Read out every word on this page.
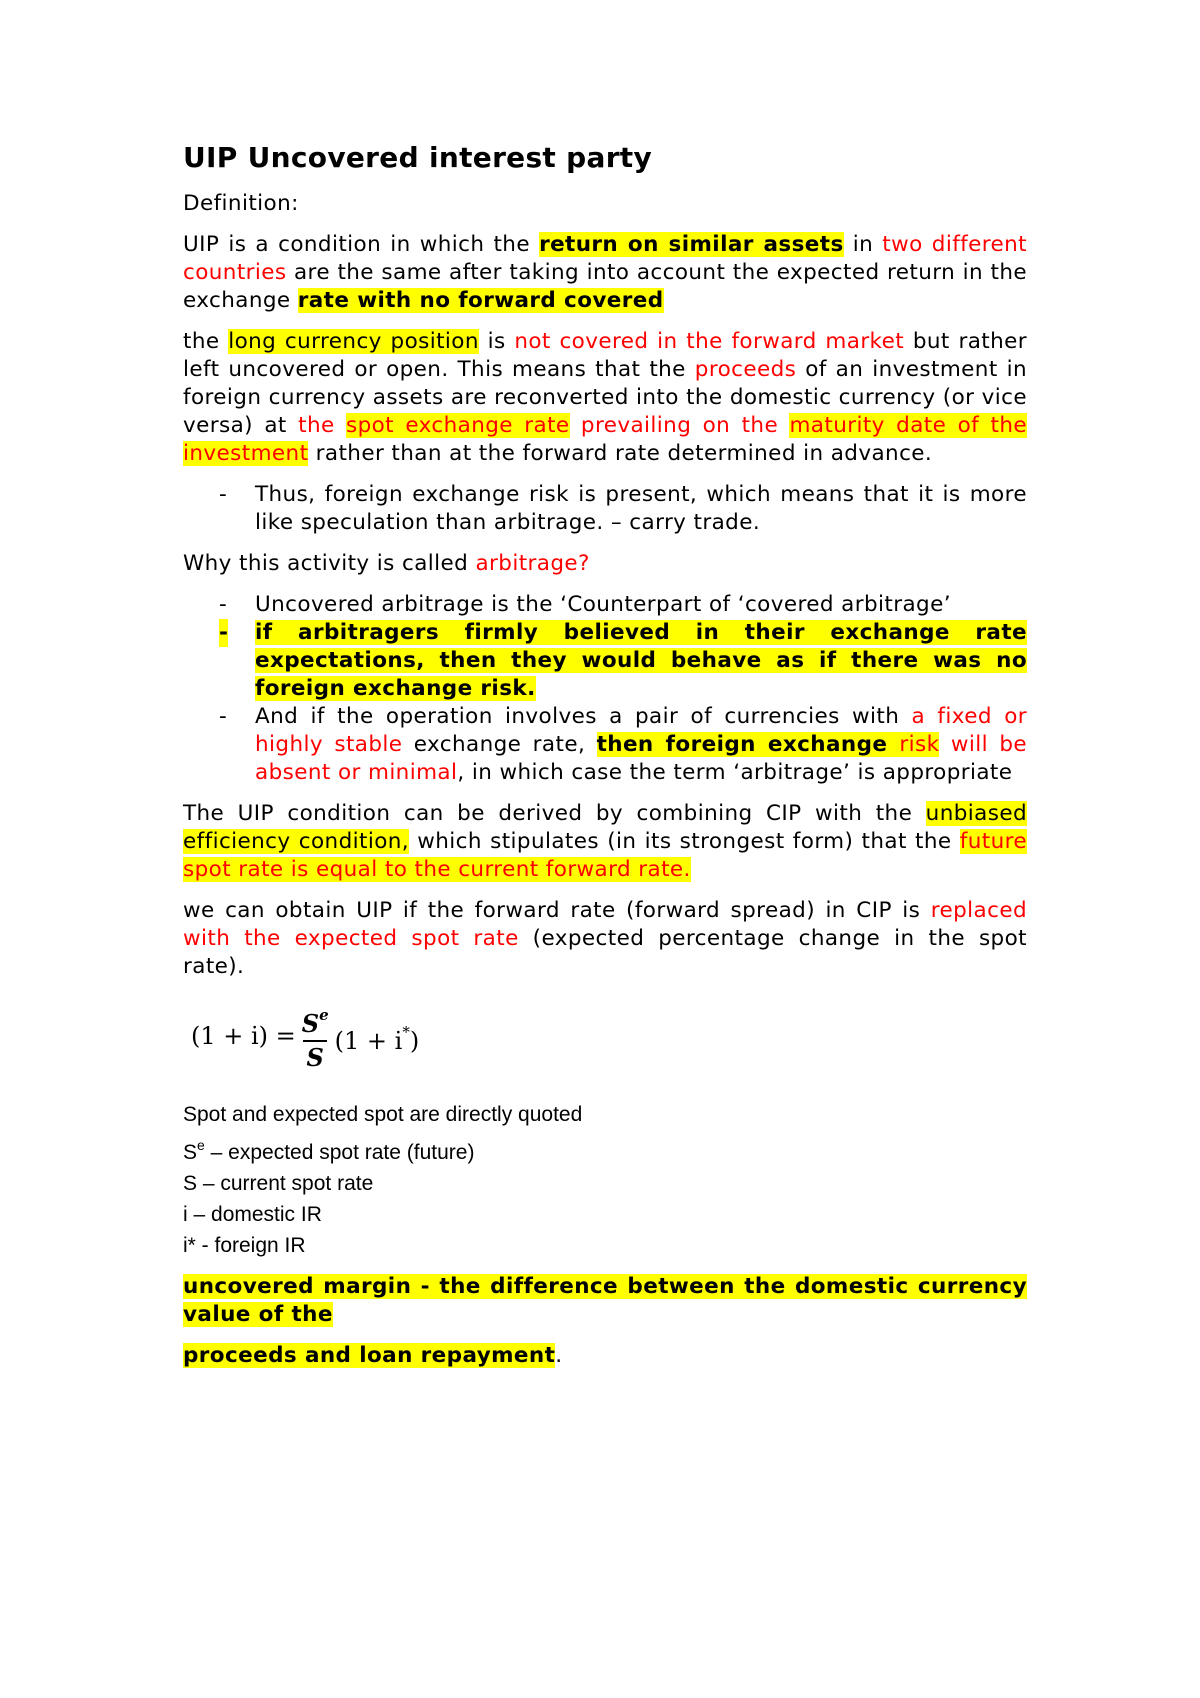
UIP Uncovered interest party

Definition:

UIP is a condition in which the return on similar assets in two different countries are the same after taking into account the expected return in the exchange rate with no forward covered

the long currency position is not covered in the forward market but rather left uncovered or open. This means that the proceeds of an investment in foreign currency assets are reconverted into the domestic currency (or vice versa) at the spot exchange rate prevailing on the maturity date of the investment rather than at the forward rate determined in advance.

- Thus, foreign exchange risk is present, which means that it is more like speculation than arbitrage. – carry trade.

Why this activity is called arbitrage?

- Uncovered arbitrage is the ‘Counterpart of ‘covered arbitrage’
- if arbitragers firmly believed in their exchange rate expectations, then they would behave as if there was no foreign exchange risk.
- And if the operation involves a pair of currencies with a fixed or highly stable exchange rate, then foreign exchange risk will be absent or minimal, in which case the term ‘arbitrage’ is appropriate

The UIP condition can be derived by combining CIP with the unbiased efficiency condition, which stipulates (in its strongest form) that the future spot rate is equal to the current forward rate.

we can obtain UIP if the forward rate (forward spread) in CIP is replaced with the expected spot rate (expected percentage change in the spot rate).

$(1 + i) = \frac{S^e}{S} (1 + i^*)$
Spot and expected spot are directly quoted
$S^e$ – expected spot rate (future)
S – current spot rate
i – domestic IR
i* - foreign IR

uncovered margin - the difference between the domestic currency value of the

proceeds and loan repayment.
